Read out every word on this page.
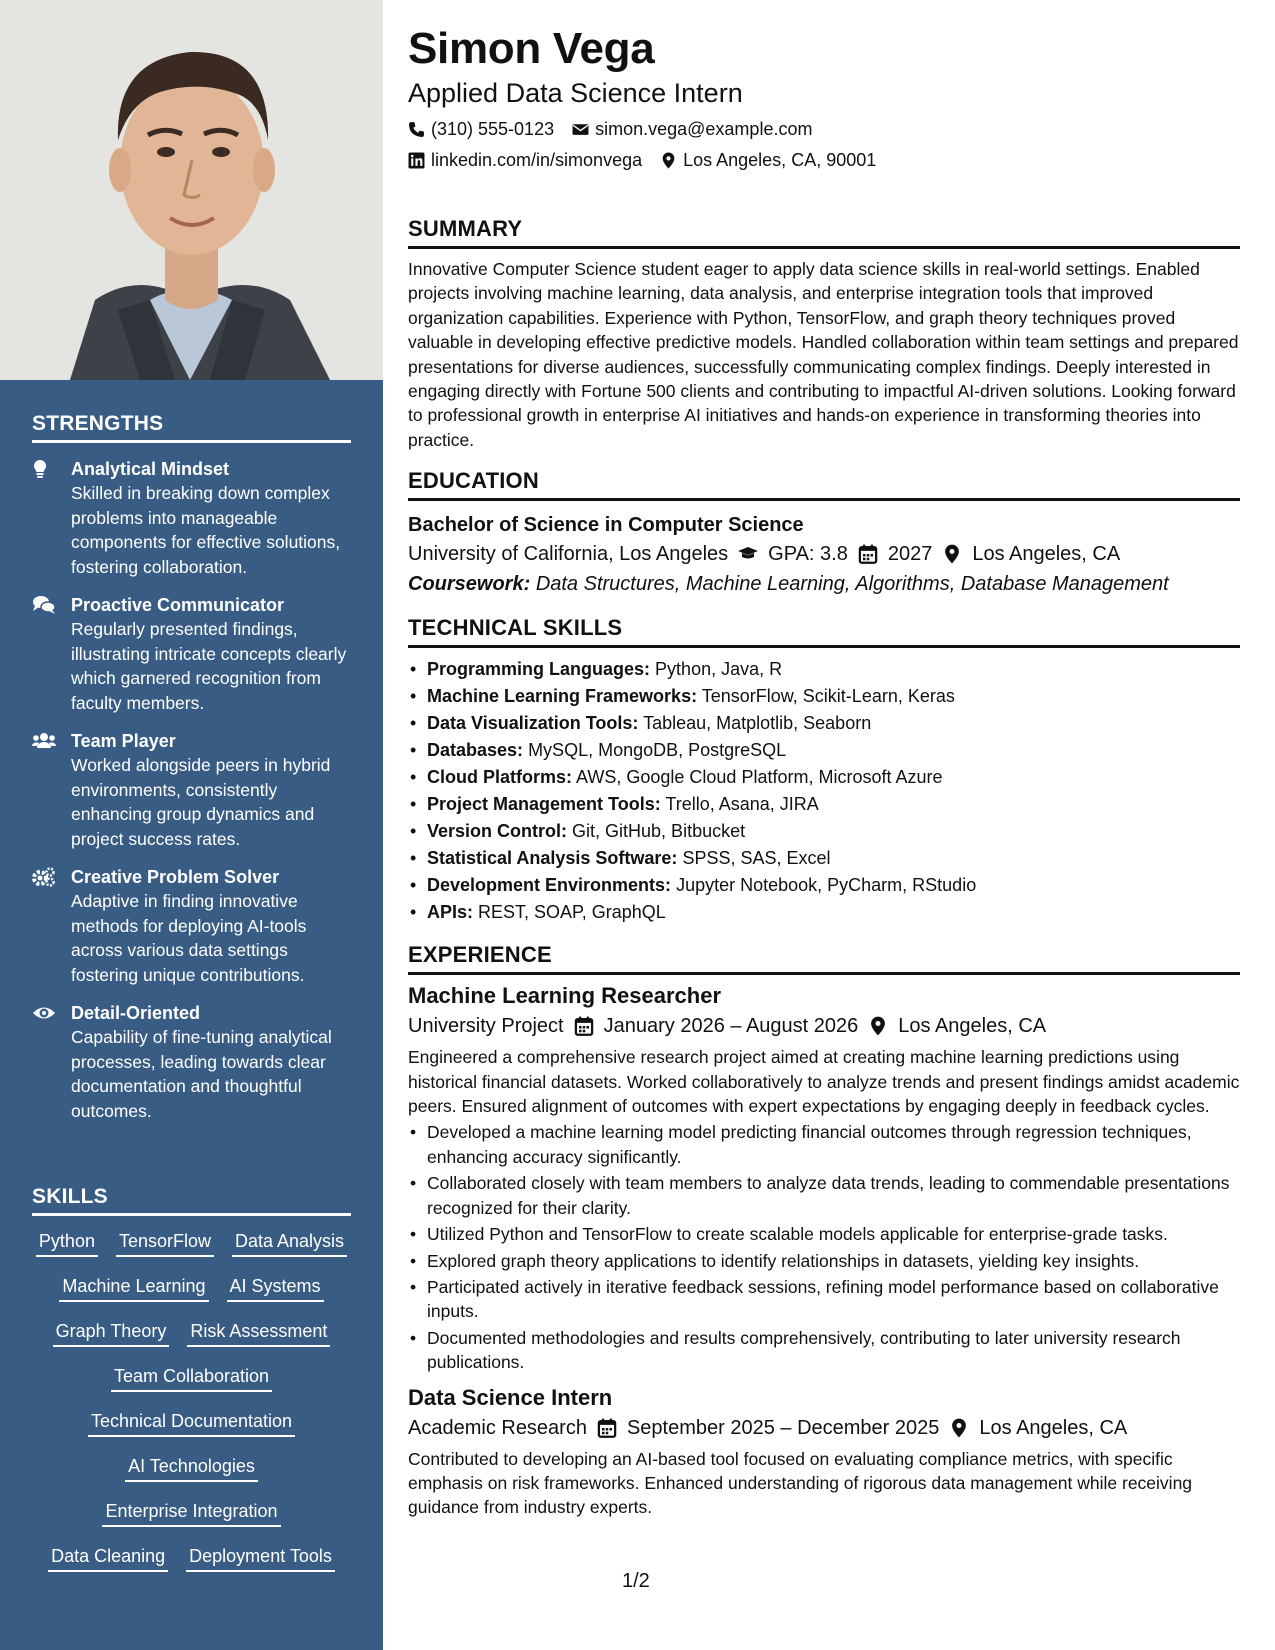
STRENGTHS
Analytical Mindset
Skilled in breaking down complex problems into manageable components for effective solutions, fostering collaboration.
Proactive Communicator
Regularly presented findings, illustrating intricate concepts clearly which garnered recognition from faculty members.
Team Player
Worked alongside peers in hybrid environments, consistently enhancing group dynamics and project success rates.
Creative Problem Solver
Adaptive in finding innovative methods for deploying AI-tools across various data settings fostering unique contributions.
Detail-Oriented
Capability of fine-tuning analytical processes, leading towards clear documentation and thoughtful outcomes.
SKILLS
Python TensorFlow Data Analysis
Machine Learning AI Systems
Graph Theory Risk Assessment
Team Collaboration
Technical Documentation
AI Technologies
Enterprise Integration
Data Cleaning Deployment Tools
Simon Vega
Applied Data Science Intern
(310) 555-0123 simon.vega@example.com
linkedin.com/in/simonvega Los Angeles, CA, 90001
SUMMARY

Innovative Computer Science student eager to apply data science skills in real-world settings. Enabled projects involving machine learning, data analysis, and enterprise integration tools that improved organization capabilities. Experience with Python, TensorFlow, and graph theory techniques proved valuable in developing effective predictive models. Handled collaboration within team settings and prepared presentations for diverse audiences, successfully communicating complex findings. Deeply interested in engaging directly with Fortune 500 clients and contributing to impactful AI-driven solutions. Looking forward to professional growth in enterprise AI initiatives and hands-on experience in transforming theories into practice.

EDUCATION
Bachelor of Science in Computer Science
University of California, Los Angeles GPA: 3.8 2027 Los Angeles, CA
Coursework: Data Structures, Machine Learning, Algorithms, Database Management
TECHNICAL SKILLS
• Programming Languages: Python, Java, R
• Machine Learning Frameworks: TensorFlow, Scikit-Learn, Keras
• Data Visualization Tools: Tableau, Matplotlib, Seaborn
• Databases: MySQL, MongoDB, PostgreSQL
• Cloud Platforms: AWS, Google Cloud Platform, Microsoft Azure
• Project Management Tools: Trello, Asana, JIRA
• Version Control: Git, GitHub, Bitbucket
• Statistical Analysis Software: SPSS, SAS, Excel
• Development Environments: Jupyter Notebook, PyCharm, RStudio
• APIs: REST, SOAP, GraphQL
EXPERIENCE
Machine Learning Researcher
University Project January 2026 – August 2026 Los Angeles, CA

Engineered a comprehensive research project aimed at creating machine learning predictions using historical financial datasets. Worked collaboratively to analyze trends and present findings amidst academic peers. Ensured alignment of outcomes with expert expectations by engaging deeply in feedback cycles.

• Developed a machine learning model predicting financial outcomes through regression techniques, enhancing accuracy significantly.
• Collaborated closely with team members to analyze data trends, leading to commendable presentations recognized for their clarity.
• Utilized Python and TensorFlow to create scalable models applicable for enterprise-grade tasks.
• Explored graph theory applications to identify relationships in datasets, yielding key insights.
• Participated actively in iterative feedback sessions, refining model performance based on collaborative inputs.
• Documented methodologies and results comprehensively, contributing to later university research publications.
Data Science Intern
Academic Research September 2025 – December 2025 Los Angeles, CA

Contributed to developing an AI-based tool focused on evaluating compliance metrics, with specific emphasis on risk frameworks. Enhanced understanding of rigorous data management while receiving guidance from industry experts.

1/2
